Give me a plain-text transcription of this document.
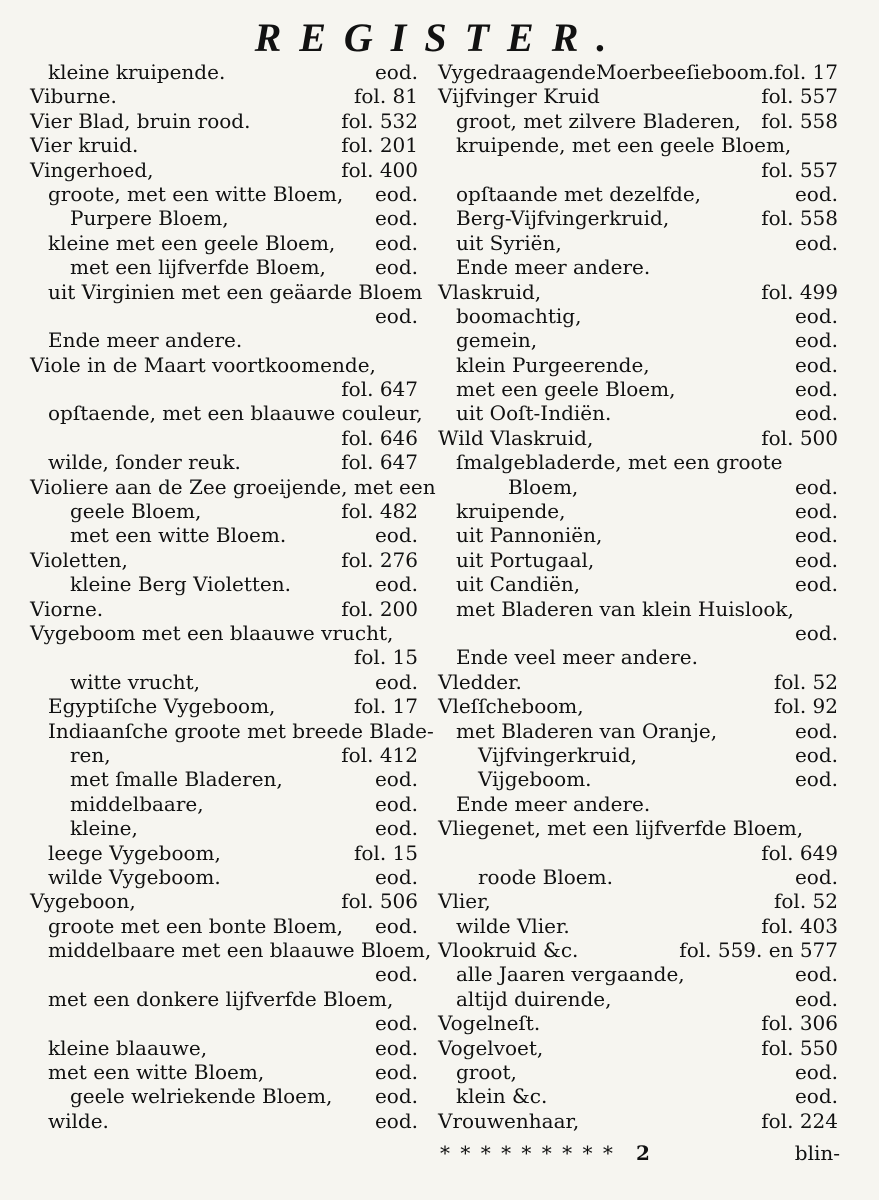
REGISTER.
kleine kruipende.	eod.
Viburne.	fol. 81
Vier Blad, bruin rood.	fol. 532
Vier kruid.	fol. 201
Vingerhoed,	fol. 400
groote, met een witte Bloem, eod.
Purpere Bloem,	eod.
kleine met een geele Bloem, eod.
met een lijfverfde Bloem, eod.
uit Virginien met een geäarde Bloem
eod.
Ende meer andere.
Viole in de Maart voortkoomende,
fol. 647
opſtaende, met een blaauwe couleur,
fol. 646
wilde, ſonder reuk.	fol. 647
Violiere aan de Zee groeijende, met een
geele Bloem,	fol. 482
met een witte Bloem.	eod.
Violetten,	fol. 276
kleine Berg Violetten.	eod.
Viorne.	fol. 200
Vygeboom met een blaauwe vrucht,
fol. 15
witte vrucht,	eod.
Egyptiſche Vygeboom,	fol. 17
Indiaanſche groote met breede Blade-
ren,	fol. 412
met ſmalle Bladeren,	eod.
middelbaare,	eod.
kleine,	eod.
leege Vygeboom,	fol. 15
wilde Vygeboom.	eod.
Vygeboon,	fol. 506
groote met een bonte Bloem, eod.
middelbaare met een blaauwe Bloem,
eod.
met een donkere lijfverfde Bloem,
eod.
kleine blaauwe,	eod.
met een witte Bloem,	eod.
geele welriekende Bloem, eod.
wilde.	eod.
VygedraagendeMoerbeeſieboom. fol. 17
Vijfvinger Kruid	fol. 557
groot, met zilvere Bladeren, fol. 558
kruipende, met een geele Bloem,
fol. 557
opſtaande met dezelfde,	eod.
Berg-Vijfvingerkruid,	fol. 558
uit Syriën,	eod.
Ende meer andere.
Vlaskruid,	fol. 499
boomachtig,	eod.
gemein,	eod.
klein Purgeerende,	eod.
met een geele Bloem,	eod.
uit Ooſt-Indiën.	eod.
Wild Vlaskruid,	fol. 500
ſmalgebladerde, met een groote
Bloem,	eod.
kruipende,	eod.
uit Pannoniën,	eod.
uit Portugaal,	eod.
uit Candiën,	eod.
met Bladeren van klein Huislook,
eod.
Ende veel meer andere.
Vledder.	fol. 52
Vleſſcheboom,	fol. 92
met Bladeren van Oranje,	eod.
Vijfvingerkruid,	eod.
Vijgeboom.	eod.
Ende meer andere.
Vliegenet, met een lijfverfde Bloem,
fol. 649
roode Bloem.	eod.
Vlier,	fol. 52
wilde Vlier.	fol. 403
Vlookruid &c.	fol. 559. en 577
alle Jaaren vergaande,	eod.
altijd duirende,	eod.
Vogelneſt.	fol. 306
Vogelvoet,	fol. 550
groot,	eod.
klein &c.	eod.
Vrouwenhaar,	fol. 224
* * * * * * * * * 2	blin-
